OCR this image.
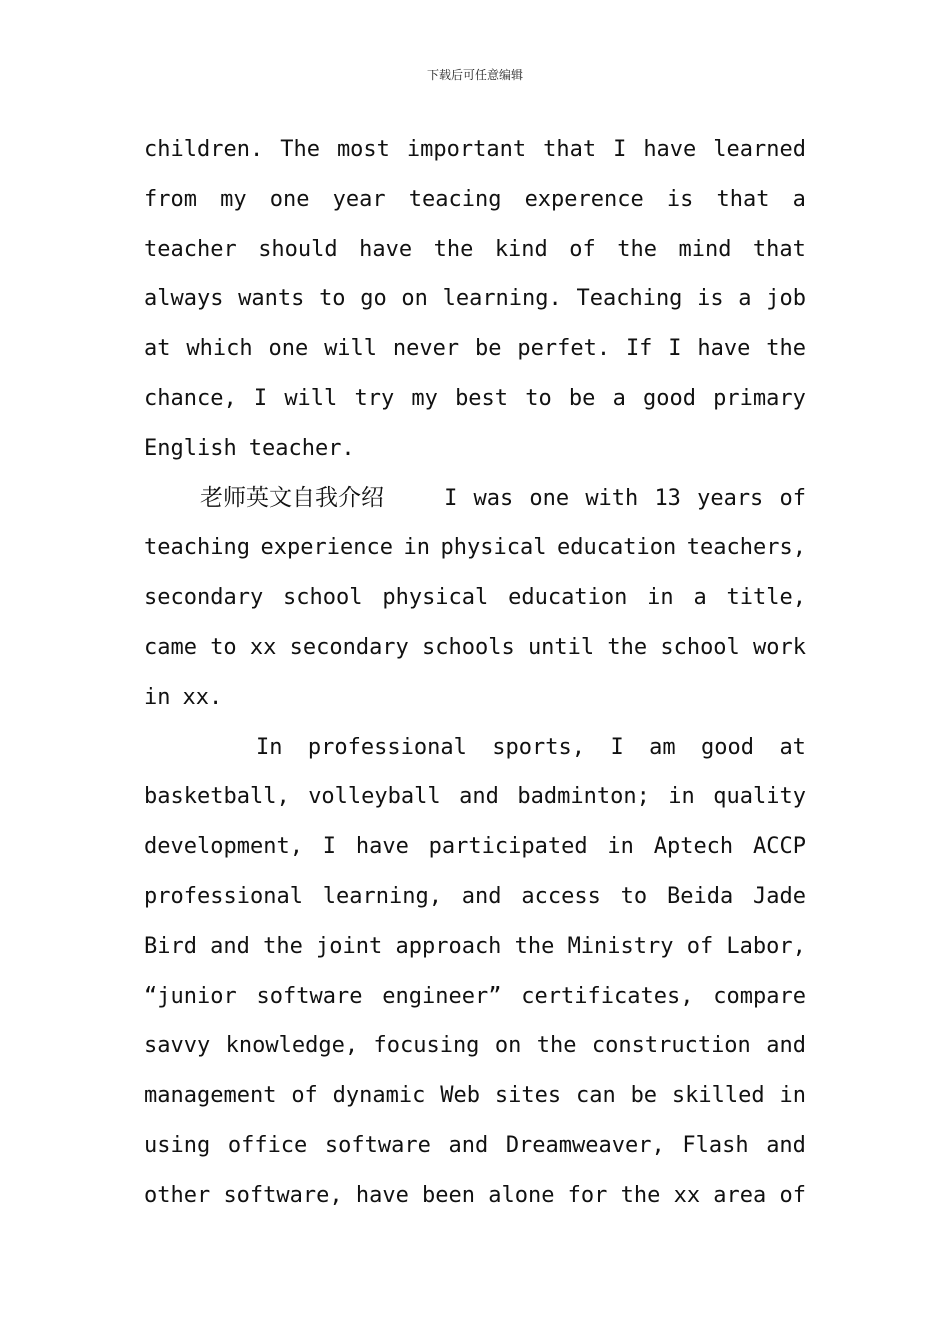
下载后可任意编辑
children. The most important that I have learned
from my one year teacing experence is that a
teacher should have the kind of the mind that
always wants to go on learning. Teaching is a job
at which one will never be perfet. If I have the
chance, I will try my best to be a good primary
English teacher.
老师英文自我介绍	I was one with 13 years of
teaching experience in physical education teachers,
secondary school physical education in a title,
came to xx secondary schools until the school work
in xx.
In professional sports, I am good at
basketball, volleyball and badminton; in quality
development, I have participated in Aptech ACCP
professional learning, and access to Beida Jade
Bird and the joint approach the Ministry of Labor,
“junior software engineer” certificates, compare
savvy knowledge, focusing on the construction and
management of dynamic Web sites can be skilled in
using office software and Dreamweaver, Flash and
other software, have been alone for the xx area of
